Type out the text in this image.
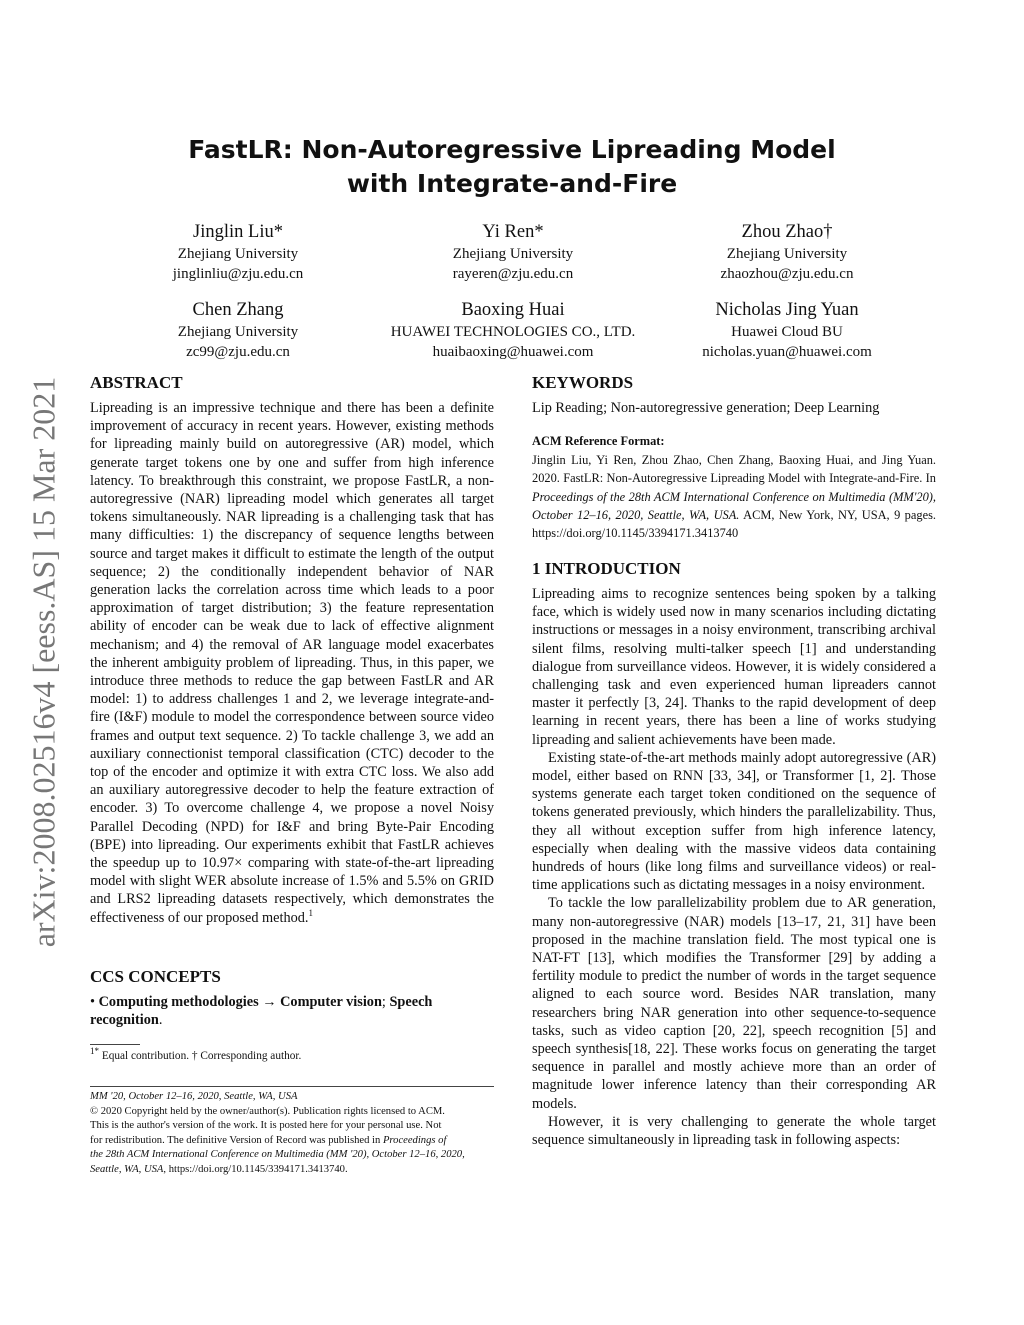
arXiv:2008.02516v4 [eess.AS] 15 Mar 2021
FastLR: Non-Autoregressive Lipreading Model
with Integrate-and-Fire
Jinglin Liu*
Zhejiang University
jinglinliu@zju.edu.cn
Yi Ren*
Zhejiang University
rayeren@zju.edu.cn
Zhou Zhao†
Zhejiang University
zhaozhou@zju.edu.cn
Chen Zhang
Zhejiang University
zc99@zju.edu.cn
Baoxing Huai
HUAWEI TECHNOLOGIES CO., LTD.
huaibaoxing@huawei.com
Nicholas Jing Yuan
Huawei Cloud BU
nicholas.yuan@huawei.com
ABSTRACT

Lipreading is an impressive technique and there has been a definite improvement of accuracy in recent years. However, existing methods for lipreading mainly build on autoregressive (AR) model, which generate target tokens one by one and suffer from high inference latency. To breakthrough this constraint, we propose FastLR, a non-autoregressive (NAR) lipreading model which generates all target tokens simultaneously. NAR lipreading is a challenging task that has many difficulties: 1) the discrepancy of sequence lengths between source and target makes it difficult to estimate the length of the output sequence; 2) the conditionally independent behavior of NAR generation lacks the correlation across time which leads to a poor approximation of target distribution; 3) the feature representation ability of encoder can be weak due to lack of effective alignment mechanism; and 4) the removal of AR language model exacerbates the inherent ambiguity problem of lipreading. Thus, in this paper, we introduce three methods to reduce the gap between FastLR and AR model: 1) to address challenges 1 and 2, we leverage integrate-and-fire (I&F) module to model the correspondence between source video frames and output text sequence. 2) To tackle challenge 3, we add an auxiliary connectionist temporal classification (CTC) decoder to the top of the encoder and optimize it with extra CTC loss. We also add an auxiliary autoregressive decoder to help the feature extraction of encoder. 3) To overcome challenge 4, we propose a novel Noisy Parallel Decoding (NPD) for I&F and bring Byte-Pair Encoding (BPE) into lipreading. Our experiments exhibit that FastLR achieves the speedup up to 10.97× comparing with state-of-the-art lipreading model with slight WER absolute increase of 1.5% and 5.5% on GRID and LRS2 lipreading datasets respectively, which demonstrates the effectiveness of our proposed method.$^1$

CCS CONCEPTS

• Computing methodologies → Computer vision; Speech recognition.

$^{1*}$ Equal contribution. † Corresponding author.
MM '20, October 12–16, 2020, Seattle, WA, USA
© 2020 Copyright held by the owner/author(s). Publication rights licensed to ACM.
This is the author's version of the work. It is posted here for your personal use. Not
for redistribution. The definitive Version of Record was published in Proceedings of
the 28th ACM International Conference on Multimedia (MM '20), October 12–16, 2020,
Seattle, WA, USA, https://doi.org/10.1145/3394171.3413740.
KEYWORDS

Lip Reading; Non-autoregressive generation; Deep Learning

ACM Reference Format:
Jinglin Liu, Yi Ren, Zhou Zhao, Chen Zhang, Baoxing Huai, and Jing Yuan. 2020. FastLR: Non-Autoregressive Lipreading Model with Integrate-and-Fire. In Proceedings of the 28th ACM International Conference on Multimedia (MM'20), October 12–16, 2020, Seattle, WA, USA. ACM, New York, NY, USA, 9 pages. https://doi.org/10.1145/3394171.3413740
1 INTRODUCTION

Lipreading aims to recognize sentences being spoken by a talking face, which is widely used now in many scenarios including dictating instructions or messages in a noisy environment, transcribing archival silent films, resolving multi-talker speech [1] and understanding dialogue from surveillance videos. However, it is widely considered a challenging task and even experienced human lipreaders cannot master it perfectly [3, 24]. Thanks to the rapid development of deep learning in recent years, there has been a line of works studying lipreading and salient achievements have been made.

Existing state-of-the-art methods mainly adopt autoregressive (AR) model, either based on RNN [33, 34], or Transformer [1, 2]. Those systems generate each target token conditioned on the sequence of tokens generated previously, which hinders the parallelizability. Thus, they all without exception suffer from high inference latency, especially when dealing with the massive videos data containing hundreds of hours (like long films and surveillance videos) or real-time applications such as dictating messages in a noisy environment.

To tackle the low parallelizability problem due to AR generation, many non-autoregressive (NAR) models [13–17, 21, 31] have been proposed in the machine translation field. The most typical one is NAT-FT [13], which modifies the Transformer [29] by adding a fertility module to predict the number of words in the target sequence aligned to each source word. Besides NAR translation, many researchers bring NAR generation into other sequence-to-sequence tasks, such as video caption [20, 22], speech recognition [5] and speech synthesis[18, 22]. These works focus on generating the target sequence in parallel and mostly achieve more than an order of magnitude lower inference latency than their corresponding AR models.

However, it is very challenging to generate the whole target sequence simultaneously in lipreading task in following aspects:
